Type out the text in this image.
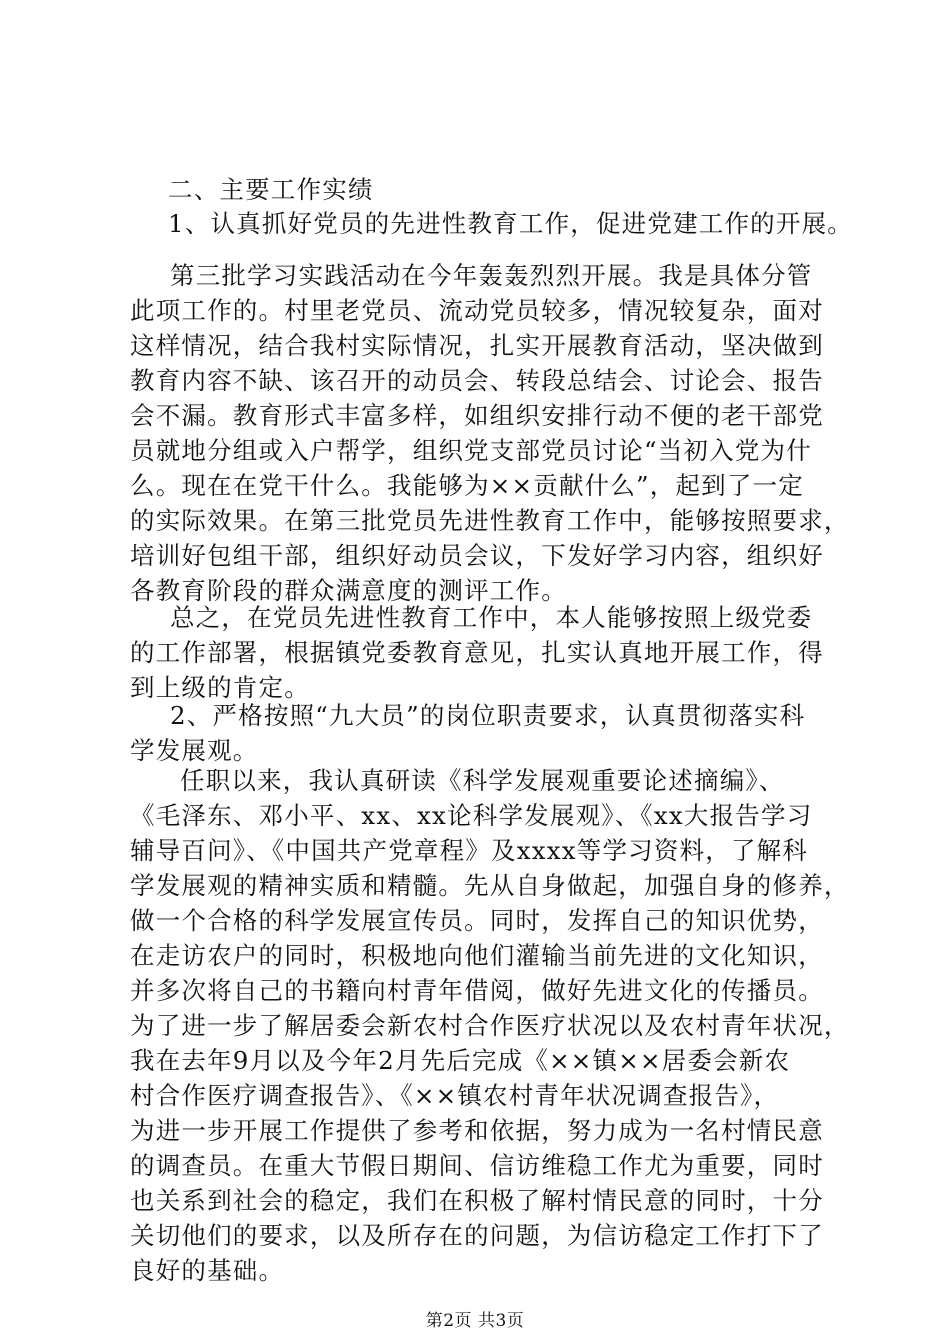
二、主要工作实绩

1、认真抓好党员的先进性教育工作，促进党建工作的开展。

第三批学习实践活动在今年轰轰烈烈开展。我是具体分管

此项工作的。村里老党员、流动党员较多，情况较复杂，面对

这样情况，结合我村实际情况，扎实开展教育活动，坚决做到

教育内容不缺、该召开的动员会、转段总结会、讨论会、报告

会不漏。教育形式丰富多样，如组织安排行动不便的老干部党

员就地分组或入户帮学，组织党支部党员讨论“当初入党为什

么。现在在党干什么。我能够为××贡献什么”，起到了一定

的实际效果。在第三批党员先进性教育工作中，能够按照要求，

培训好包组干部，组织好动员会议，下发好学习内容，组织好

各教育阶段的群众满意度的测评工作。

总之，在党员先进性教育工作中，本人能够按照上级党委

的工作部署，根据镇党委教育意见，扎实认真地开展工作，得

到上级的肯定。

2、严格按照“九大员”的岗位职责要求，认真贯彻落实科

学发展观。

任职以来，我认真研读《科学发展观重要论述摘编》、

《毛泽东、邓小平、xx、xx论科学发展观》、《xx大报告学习

辅导百问》、《中国共产党章程》及xxxx等学习资料，了解科

学发展观的精神实质和精髓。先从自身做起，加强自身的修养，

做一个合格的科学发展宣传员。同时，发挥自己的知识优势，

在走访农户的同时，积极地向他们灌输当前先进的文化知识，

并多次将自己的书籍向村青年借阅，做好先进文化的传播员。

为了进一步了解居委会新农村合作医疗状况以及农村青年状况，

我在去年9月以及今年2月先后完成《××镇××居委会新农

村合作医疗调查报告》、《××镇农村青年状况调查报告》，

为进一步开展工作提供了参考和依据，努力成为一名村情民意

的调查员。在重大节假日期间、信访维稳工作尤为重要，同时

也关系到社会的稳定，我们在积极了解村情民意的同时，十分

关切他们的要求，以及所存在的问题，为信访稳定工作打下了

良好的基础。

第2页 共3页
